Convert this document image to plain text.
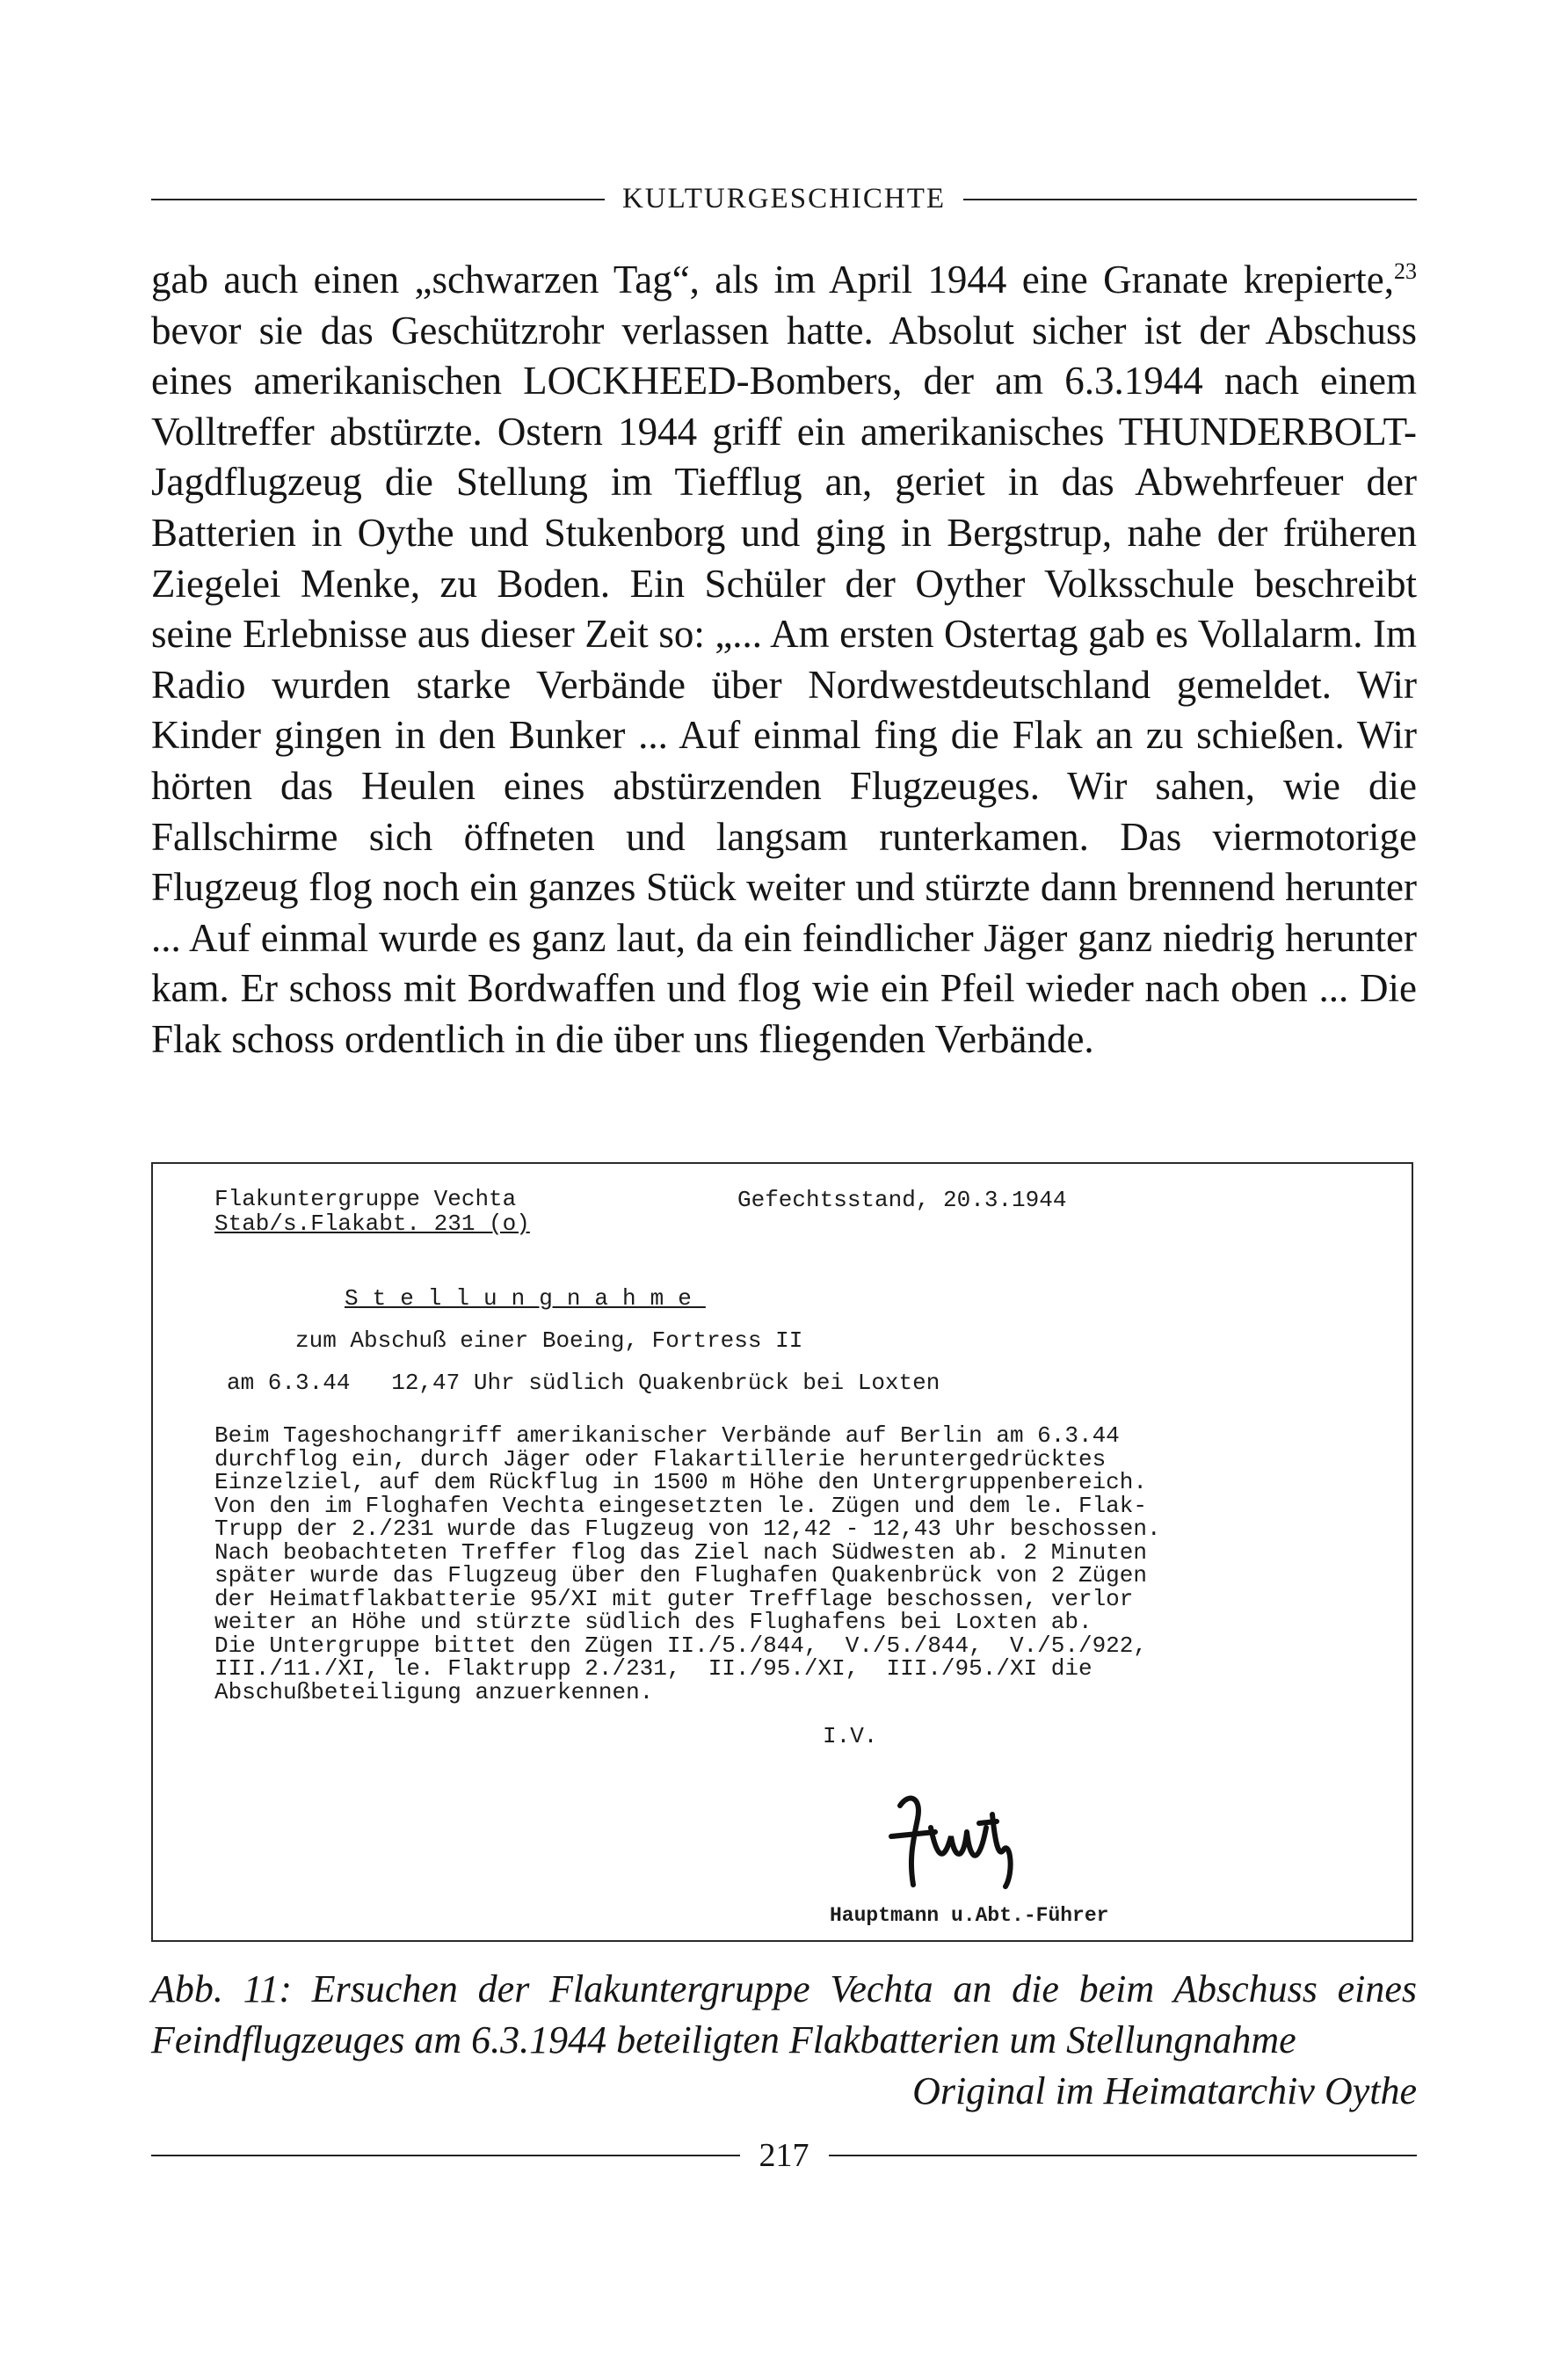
KULTURGESCHICHTE

gab auch einen „schwarzen Tag“, als im April 1944 eine Granate krepierte,$^{23}$ bevor sie das Geschützrohr verlassen hatte. Absolut sicher ist der Abschuss eines amerikanischen LOCKHEED-Bombers, der am 6.3.1944 nach einem Volltreffer abstürzte. Ostern 1944 griff ein amerikanisches THUNDERBOLT-Jagdflugzeug die Stellung im Tiefflug an, geriet in das Abwehrfeuer der Batterien in Oythe und Stukenborg und ging in Bergstrup, nahe der früheren Ziegelei Menke, zu Boden. Ein Schüler der Oyther Volksschule beschreibt seine Erlebnisse aus dieser Zeit so: „... Am ersten Ostertag gab es Vollalarm. Im Radio wurden starke Verbände über Nordwestdeutschland gemeldet. Wir Kinder gingen in den Bunker ... Auf einmal fing die Flak an zu schießen. Wir hörten das Heulen eines abstürzenden Flugzeuges. Wir sahen, wie die Fallschirme sich öffneten und langsam runterkamen. Das viermotorige Flugzeug flog noch ein ganzes Stück weiter und stürzte dann brennend herunter ... Auf einmal wurde es ganz laut, da ein feindlicher Jäger ganz niedrig herunter kam. Er schoss mit Bordwaffen und flog wie ein Pfeil wieder nach oben ... Die Flak schoss ordentlich in die über uns fliegenden Verbände.

Flakuntergruppe Vechta
Stab/s.Flakabt. 231 (o)
Gefechtsstand, 20.3.1944
Stellungnahme
zum Abschuß einer Boeing, Fortress II
am 6.3.44   12,47 Uhr südlich Quakenbrück bei Loxten
Beim Tageshochangriff amerikanischer Verbände auf Berlin am 6.3.44
durchflog ein, durch Jäger oder Flakartillerie heruntergedrücktes
Einzelziel, auf dem Rückflug in 1500 m Höhe den Untergruppenbereich.
Von den im Floghafen Vechta eingesetzten le. Zügen und dem le. Flak-
Trupp der 2./231 wurde das Flugzeug von 12,42 - 12,43 Uhr beschossen.
Nach beobachteten Treffer flog das Ziel nach Südwesten ab. 2 Minuten
später wurde das Flugzeug über den Flughafen Quakenbrück von 2 Zügen
der Heimatflakbatterie 95/XI mit guter Trefflage beschossen, verlor
weiter an Höhe und stürzte südlich des Flughafens bei Loxten ab.
Die Untergruppe bittet den Zügen II./5./844,  V./5./844,  V./5./922,
III./11./XI, le. Flaktrupp 2./231,  II./95./XI,  III./95./XI die
Abschußbeteiligung anzuerkennen.
I.V.
Hauptmann u.Abt.-Führer
Abb. 11: Ersuchen der Flakuntergruppe Vechta an die beim Abschuss eines Feindflugzeuges am 6.3.1944 beteiligten Flakbatterien um Stellungnahme
Original im Heimatarchiv Oythe
217
